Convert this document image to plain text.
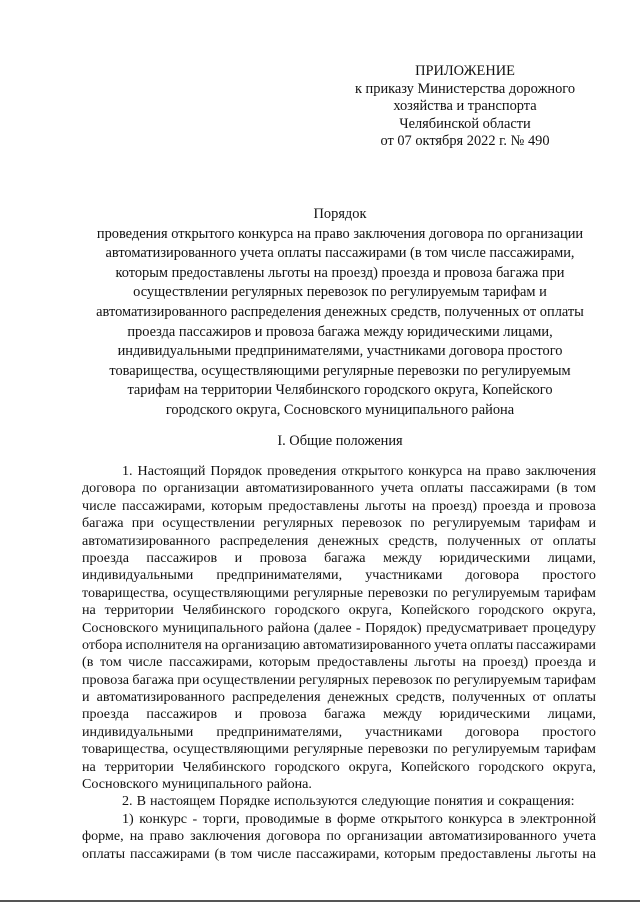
ПРИЛОЖЕНИЕ
к приказу Министерства дорожного
хозяйства и транспорта
Челябинской области
от 07 октября 2022 г. № 490
Порядок
проведения открытого конкурса на право заключения договора по организации
автоматизированного учета оплаты пассажирами (в том числе пассажирами,
которым предоставлены льготы на проезд) проезда и провоза багажа при
осуществлении регулярных перевозок по регулируемым тарифам и
автоматизированного распределения денежных средств, полученных от оплаты
проезда пассажиров и провоза багажа между юридическими лицами,
индивидуальными предпринимателями, участниками договора простого
товарищества, осуществляющими регулярные перевозки по регулируемым
тарифам на территории Челябинского городского округа, Копейского
городского округа, Сосновского муниципального района
I. Общие положения
1. Настоящий Порядок проведения открытого конкурса на право заключения
договора по организации автоматизированного учета оплаты пассажирами (в том
числе пассажирами, которым предоставлены льготы на проезд) проезда и провоза
багажа при осуществлении регулярных перевозок по регулируемым тарифам и
автоматизированного распределения денежных средств, полученных от оплаты
проезда пассажиров и провоза багажа между юридическими лицами,
индивидуальными предпринимателями, участниками договора простого
товарищества, осуществляющими регулярные перевозки по регулируемым тарифам
на территории Челябинского городского округа, Копейского городского округа,
Сосновского муниципального района (далее - Порядок) предусматривает процедуру
отбора исполнителя на организацию автоматизированного учета оплаты пассажирами
(в том числе пассажирами, которым предоставлены льготы на проезд) проезда и
провоза багажа при осуществлении регулярных перевозок по регулируемым тарифам
и автоматизированного распределения денежных средств, полученных от оплаты
проезда пассажиров и провоза багажа между юридическими лицами,
индивидуальными предпринимателями, участниками договора простого
товарищества, осуществляющими регулярные перевозки по регулируемым тарифам
на территории Челябинского городского округа, Копейского городского округа,
Сосновского муниципального района.
2. В настоящем Порядке используются следующие понятия и сокращения:
1) конкурс - торги, проводимые в форме открытого конкурса в электронной
форме, на право заключения договора по организации автоматизированного учета
оплаты пассажирами (в том числе пассажирами, которым предоставлены льготы на
